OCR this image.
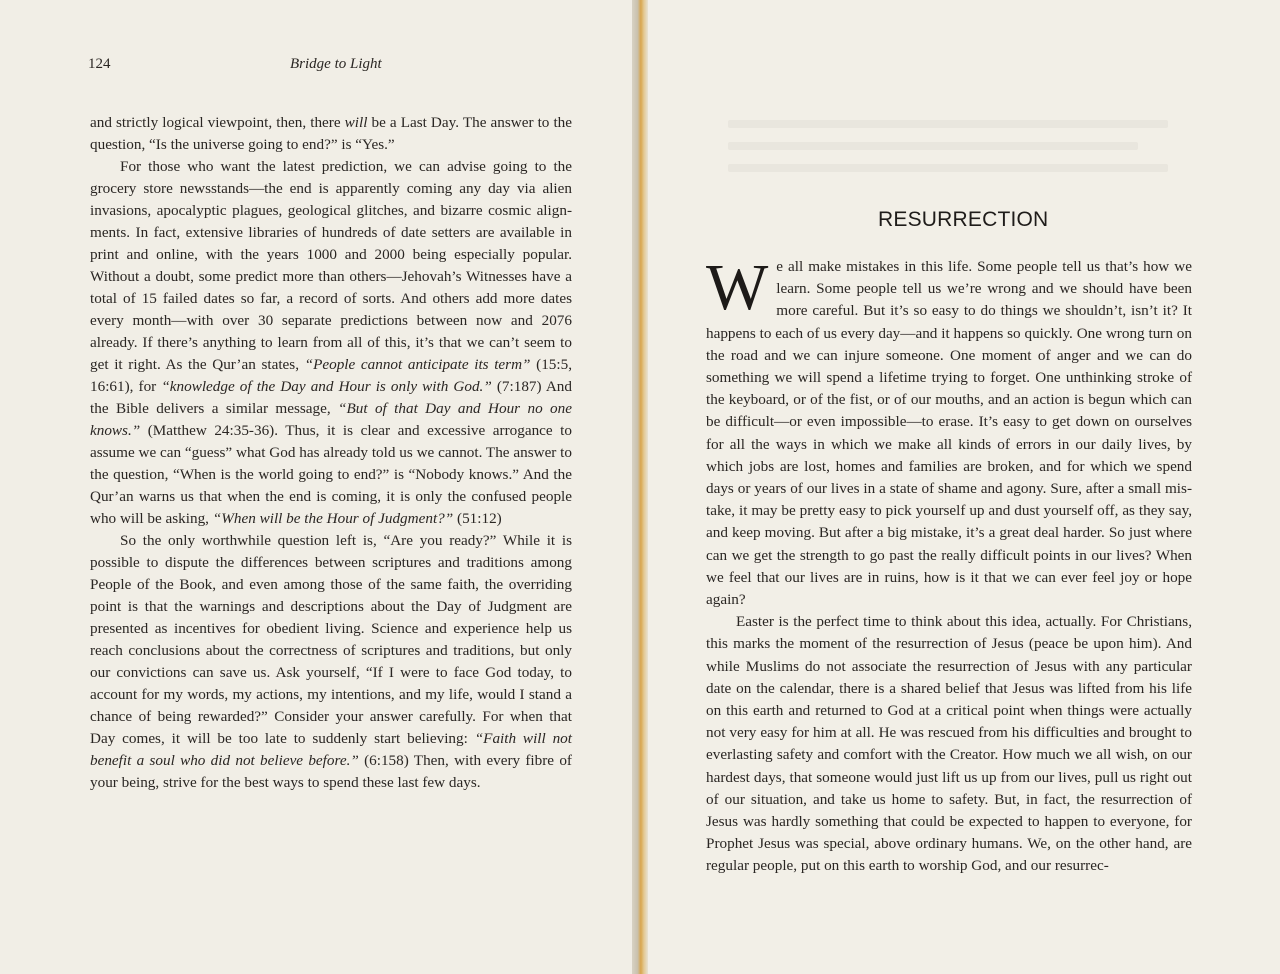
124	Bridge to Light

and strictly logical viewpoint, then, there will be a Last Day. The answer to the question, “Is the universe going to end?” is “Yes.”

For those who want the latest prediction, we can advise going to the grocery store newsstands—the end is apparently coming any day via alien invasions, apocalyptic plagues, geological glitches, and bizarre cosmic alignments. In fact, extensive libraries of hundreds of date setters are available in print and online, with the years 1000 and 2000 being especially popular. Without a doubt, some predict more than others—Jehovah’s Witnesses have a total of 15 failed dates so far, a record of sorts. And others add more dates every month—with over 30 separate predictions between now and 2076 already. If there’s anything to learn from all of this, it’s that we can’t seem to get it right. As the Qur’an states, “People cannot anticipate its term” (15:5, 16:61), for “knowledge of the Day and Hour is only with God.” (7:187) And the Bible delivers a similar message, “But of that Day and Hour no one knows.” (Matthew 24:35-36). Thus, it is clear and excessive arrogance to assume we can “guess” what God has already told us we cannot. The answer to the question, “When is the world going to end?” is “Nobody knows.” And the Qur’an warns us that when the end is coming, it is only the confused people who will be asking, “When will be the Hour of Judgment?” (51:12)

So the only worthwhile question left is, “Are you ready?” While it is possible to dispute the differences between scriptures and traditions among People of the Book, and even among those of the same faith, the overriding point is that the warnings and descriptions about the Day of Judgment are presented as incentives for obedient living. Science and experience help us reach conclusions about the correctness of scriptures and traditions, but only our convictions can save us. Ask yourself, “If I were to face God today, to account for my words, my actions, my intentions, and my life, would I stand a chance of being rewarded?” Consider your answer carefully. For when that Day comes, it will be too late to suddenly start believing: “Faith will not benefit a soul who did not believe before.” (6:158) Then, with every fibre of your being, strive for the best ways to spend these last few days.

RESURRECTION

We all make mistakes in this life. Some people tell us that’s how we learn. Some people tell us we’re wrong and we should have been more careful. But it’s so easy to do things we shouldn’t, isn’t it? It happens to each of us every day—and it happens so quickly. One wrong turn on the road and we can injure someone. One moment of anger and we can do something we will spend a lifetime trying to forget. One unthinking stroke of the keyboard, or of the fist, or of our mouths, and an action is begun which can be difficult—or even impossible—to erase. It’s easy to get down on ourselves for all the ways in which we make all kinds of errors in our daily lives, by which jobs are lost, homes and families are broken, and for which we spend days or years of our lives in a state of shame and agony. Sure, after a small mistake, it may be pretty easy to pick yourself up and dust yourself off, as they say, and keep moving. But after a big mistake, it’s a great deal harder. So just where can we get the strength to go past the really difficult points in our lives? When we feel that our lives are in ruins, how is it that we can ever feel joy or hope again?

Easter is the perfect time to think about this idea, actually. For Christians, this marks the moment of the resurrection of Jesus (peace be upon him). And while Muslims do not associate the resurrection of Jesus with any particular date on the calendar, there is a shared belief that Jesus was lifted from his life on this earth and returned to God at a critical point when things were actually not very easy for him at all. He was rescued from his difficulties and brought to everlasting safety and comfort with the Creator. How much we all wish, on our hardest days, that someone would just lift us up from our lives, pull us right out of our situation, and take us home to safety. But, in fact, the resurrection of Jesus was hardly something that could be expected to happen to everyone, for Prophet Jesus was special, above ordinary humans. We, on the other hand, are regular people, put on this earth to worship God, and our resurrec-
